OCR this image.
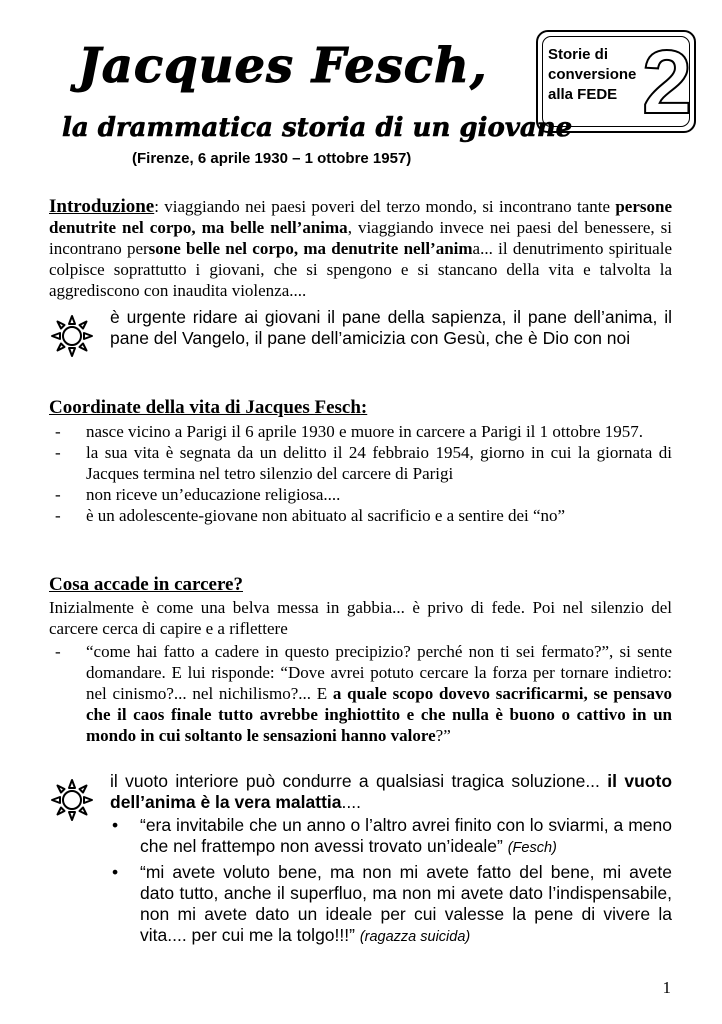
Jacques Fesch,
la drammatica storia di un giovane
(Firenze, 6 aprile 1930 – 1 ottobre 1957)
Storie di
conversione
alla FEDE 2
Introduzione: viaggiando nei paesi poveri del terzo mondo, si incontrano tante persone denutrite nel corpo, ma belle nell’anima, viaggiando invece nei paesi del benessere, si incontrano persone belle nel corpo, ma denutrite nell’anima... il denutrimento spirituale colpisce soprattutto i giovani, che si spengono e si stancano della vita e talvolta la aggrediscono con inaudita violenza....
è urgente ridare ai giovani il pane della sapienza, il pane dell’anima, il pane del Vangelo, il pane dell’amicizia con Gesù, che è Dio con noi
Coordinate della vita di Jacques Fesch:
- nasce vicino a Parigi il 6 aprile 1930 e muore in carcere a Parigi il 1 ottobre 1957.
- la sua vita è segnata da un delitto il 24 febbraio 1954, giorno in cui la giornata di Jacques termina nel tetro silenzio del carcere di Parigi
- non riceve un’educazione religiosa....
- è un adolescente-giovane non abituato al sacrificio e a sentire dei “no”
Cosa accade in carcere?
Inizialmente è come una belva messa in gabbia... è privo di fede. Poi nel silenzio del carcere cerca di capire e a riflettere
- “come hai fatto a cadere in questo precipizio? perché non ti sei fermato?”, si sente domandare. E lui risponde: “Dove avrei potuto cercare la forza per tornare indietro: nel cinismo?... nel nichilismo?... E a quale scopo dovevo sacrificarmi, se pensavo che il caos finale tutto avrebbe inghiottito e che nulla è buono o cattivo in un mondo in cui soltanto le sensazioni hanno valore?”
il vuoto interiore può condurre a qualsiasi tragica soluzione... il vuoto dell’anima è la vera malattia....
• “era invitabile che un anno o l’altro avrei finito con lo sviarmi, a meno che nel frattempo non avessi trovato un’ideale” (Fesch)
• “mi avete voluto bene, ma non mi avete fatto del bene, mi avete dato tutto, anche il superfluo, ma non mi avete dato l’indispensabile, non mi avete dato un ideale per cui valesse la pene di vivere la vita.... per cui me la tolgo!!!” (ragazza suicida)
1
